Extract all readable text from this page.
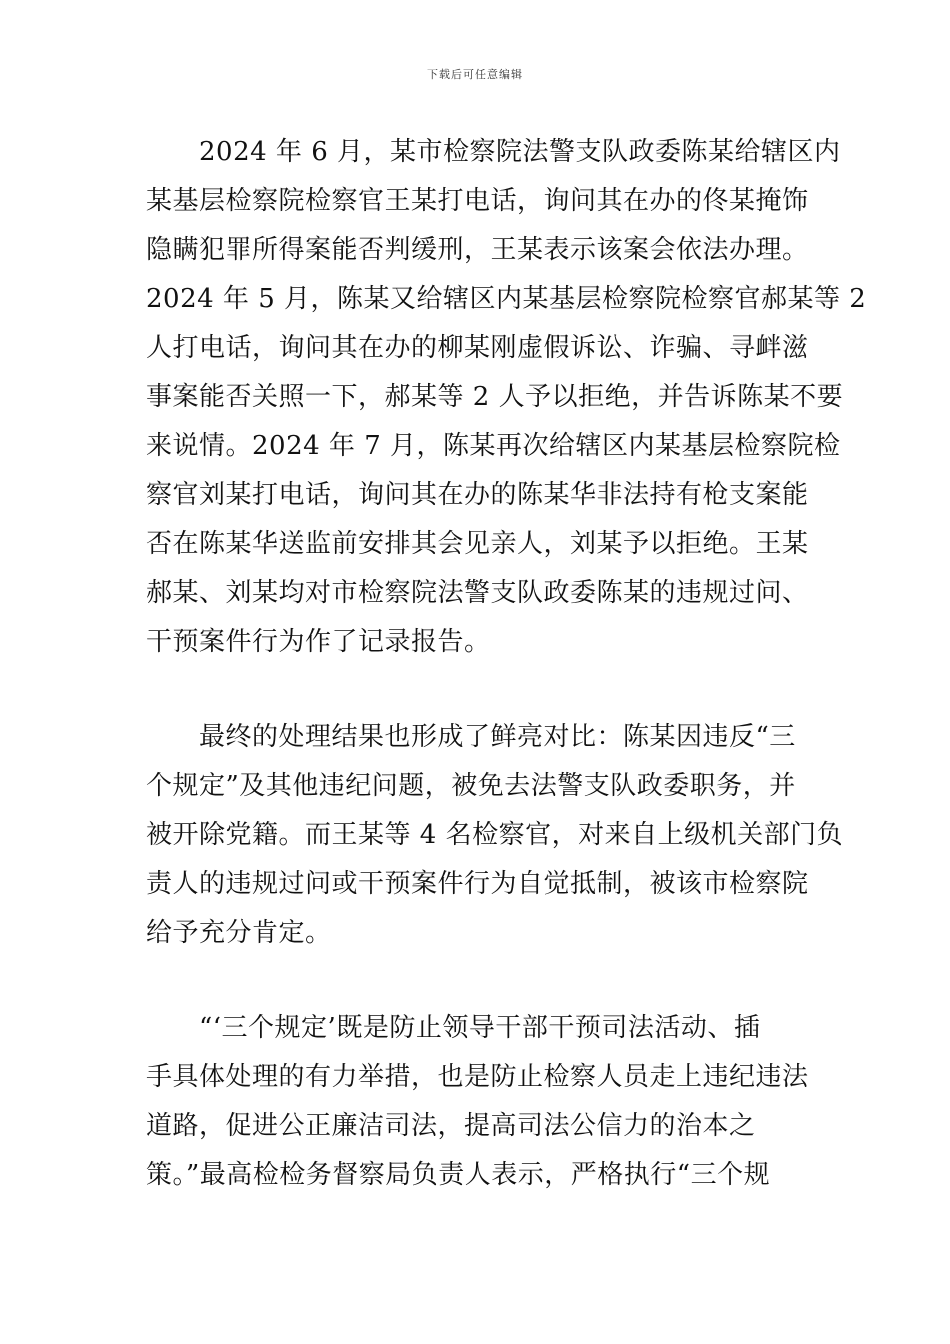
下载后可任意编辑
　　2024 年 6 月，某市检察院法警支队政委陈某给辖区内
某基层检察院检察官王某打电话，询问其在办的佟某掩饰
隐瞒犯罪所得案能否判缓刑，王某表示该案会依法办理。
2024 年 5 月，陈某又给辖区内某基层检察院检察官郝某等 2
人打电话，询问其在办的柳某刚虚假诉讼、诈骗、寻衅滋
事案能否关照一下，郝某等 2 人予以拒绝，并告诉陈某不要
来说情。2024 年 7 月，陈某再次给辖区内某基层检察院检
察官刘某打电话，询问其在办的陈某华非法持有枪支案能
否在陈某华送监前安排其会见亲人，刘某予以拒绝。王某
郝某、刘某均对市检察院法警支队政委陈某的违规过问、
干预案件行为作了记录报告。
　　最终的处理结果也形成了鲜亮对比：陈某因违反“三
个规定”及其他违纪问题，被免去法警支队政委职务，并
被开除党籍。而王某等 4 名检察官，对来自上级机关部门负
责人的违规过问或干预案件行为自觉抵制，被该市检察院
给予充分肯定。
　　“‘三个规定’既是防止领导干部干预司法活动、插
手具体处理的有力举措，也是防止检察人员走上违纪违法
道路，促进公正廉洁司法，提高司法公信力的治本之
策。”最高检检务督察局负责人表示，严格执行“三个规
